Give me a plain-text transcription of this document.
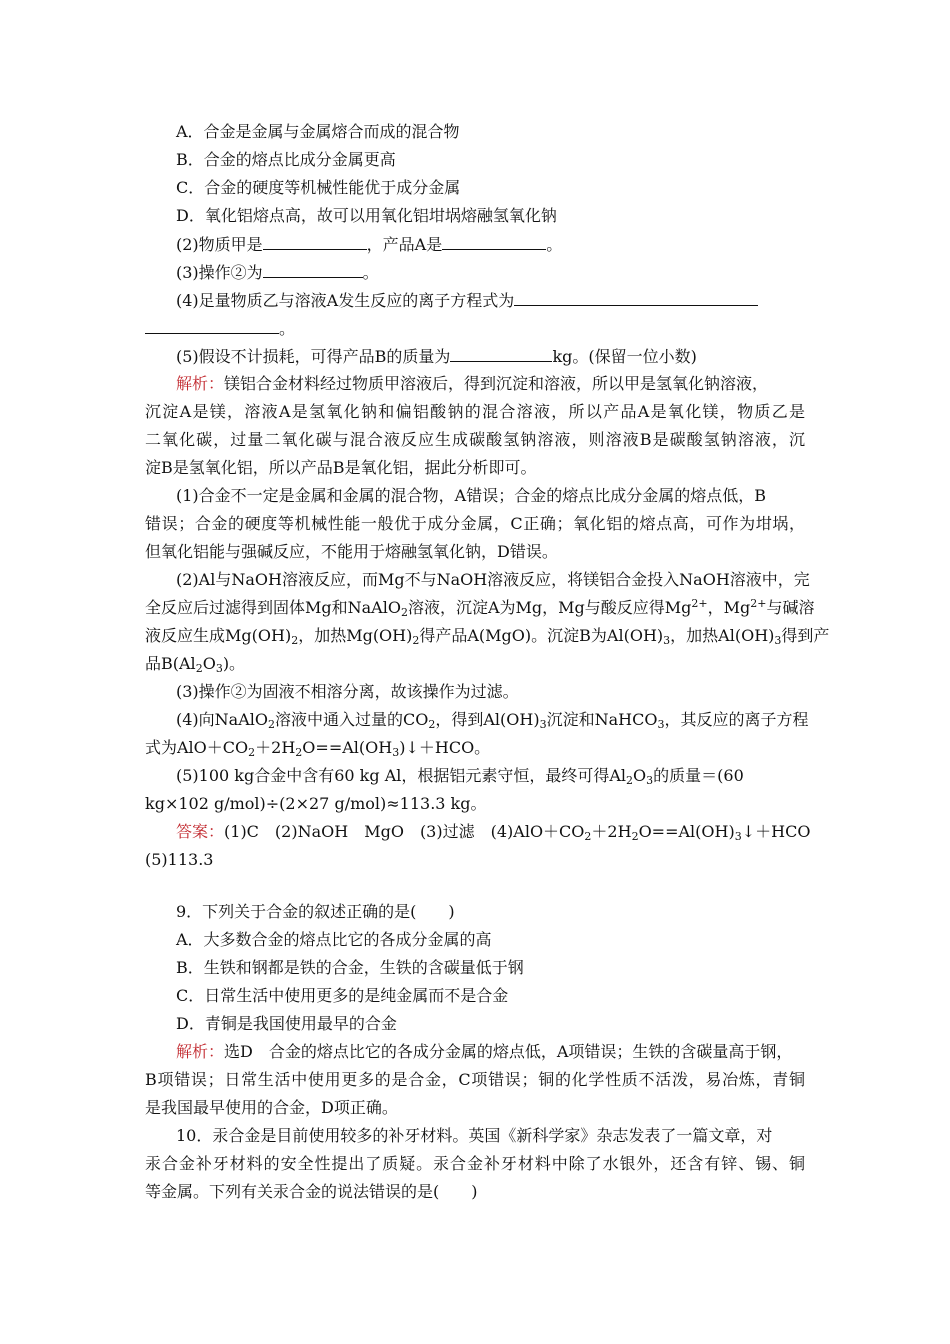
A．合金是金属与金属熔合而成的混合物
B．合金的熔点比成分金属更高
C．合金的硬度等机械性能优于成分金属
D．氧化铝熔点高，故可以用氧化铝坩埚熔融氢氧化钠
(2)物质甲是	，产品A是	。
(3)操作②为	。
(4)足量物质乙与溶液A发生反应的离子方程式为
。
(5)假设不计损耗，可得产品B的质量为	kg。(保留一位小数)
解析：镁铝合金材料经过物质甲溶液后，得到沉淀和溶液，所以甲是氢氧化钠溶液，
沉淀A是镁，溶液A是氢氧化钠和偏铝酸钠的混合溶液，所以产品A是氧化镁，物质乙是
二氧化碳，过量二氧化碳与混合液反应生成碳酸氢钠溶液，则溶液B是碳酸氢钠溶液，沉
淀B是氢氧化铝，所以产品B是氧化铝，据此分析即可。
(1)合金不一定是金属和金属的混合物，A错误；合金的熔点比成分金属的熔点低，B
错误；合金的硬度等机械性能一般优于成分金属，C正确；氧化铝的熔点高，可作为坩埚，
但氧化铝能与强碱反应，不能用于熔融氢氧化钠，D错误。
(2)Al与NaOH溶液反应，而Mg不与NaOH溶液反应，将镁铝合金投入NaOH溶液中，完
全反应后过滤得到固体Mg和NaAlO$_2$溶液，沉淀A为Mg，Mg与酸反应得$Mg^{2+}$，$Mg^{2+}$与碱溶
液反应生成$Mg(OH)_2$，加热$Mg(OH)_2$得产品A(MgO)。沉淀B为$Al(OH)_3$，加热$Al(OH)_3$得到产
品$B(Al_2O_3)$。
(3)操作②为固液不相溶分离，故该操作为过滤。
(4)向NaAlO$_2$溶液中通入过量的$CO_2$，得到$Al(OH)_3$沉淀和NaHCO$_3$，其反应的离子方程
式为$AlO+CO_2+2H_2O==Al(OH_3)↓+HCO$。
(5)100 kg合金中含有60 kg Al，根据铝元素守恒，最终可得$Al_2O_3$的质量＝(60
kg×102 g/mol)÷(2×27 g/mol)≈113.3 kg。
答案：(1)C　(2)NaOH　MgO　(3)过滤　$(4)AlO+CO_2+2H_2O==Al(OH)_3↓+HCO$
(5)113.3
9．下列关于合金的叙述正确的是(　　)
A．大多数合金的熔点比它的各成分金属的高
B．生铁和钢都是铁的合金，生铁的含碳量低于钢
C．日常生活中使用更多的是纯金属而不是合金
D．青铜是我国使用最早的合金
解析：选D　合金的熔点比它的各成分金属的熔点低，A项错误；生铁的含碳量高于钢，
B项错误；日常生活中使用更多的是合金，C项错误；铜的化学性质不活泼，易冶炼，青铜
是我国最早使用的合金，D项正确。
10．汞合金是目前使用较多的补牙材料。英国《新科学家》杂志发表了一篇文章，对
汞合金补牙材料的安全性提出了质疑。汞合金补牙材料中除了水银外，还含有锌、锡、铜
等金属。下列有关汞合金的说法错误的是(　　)
